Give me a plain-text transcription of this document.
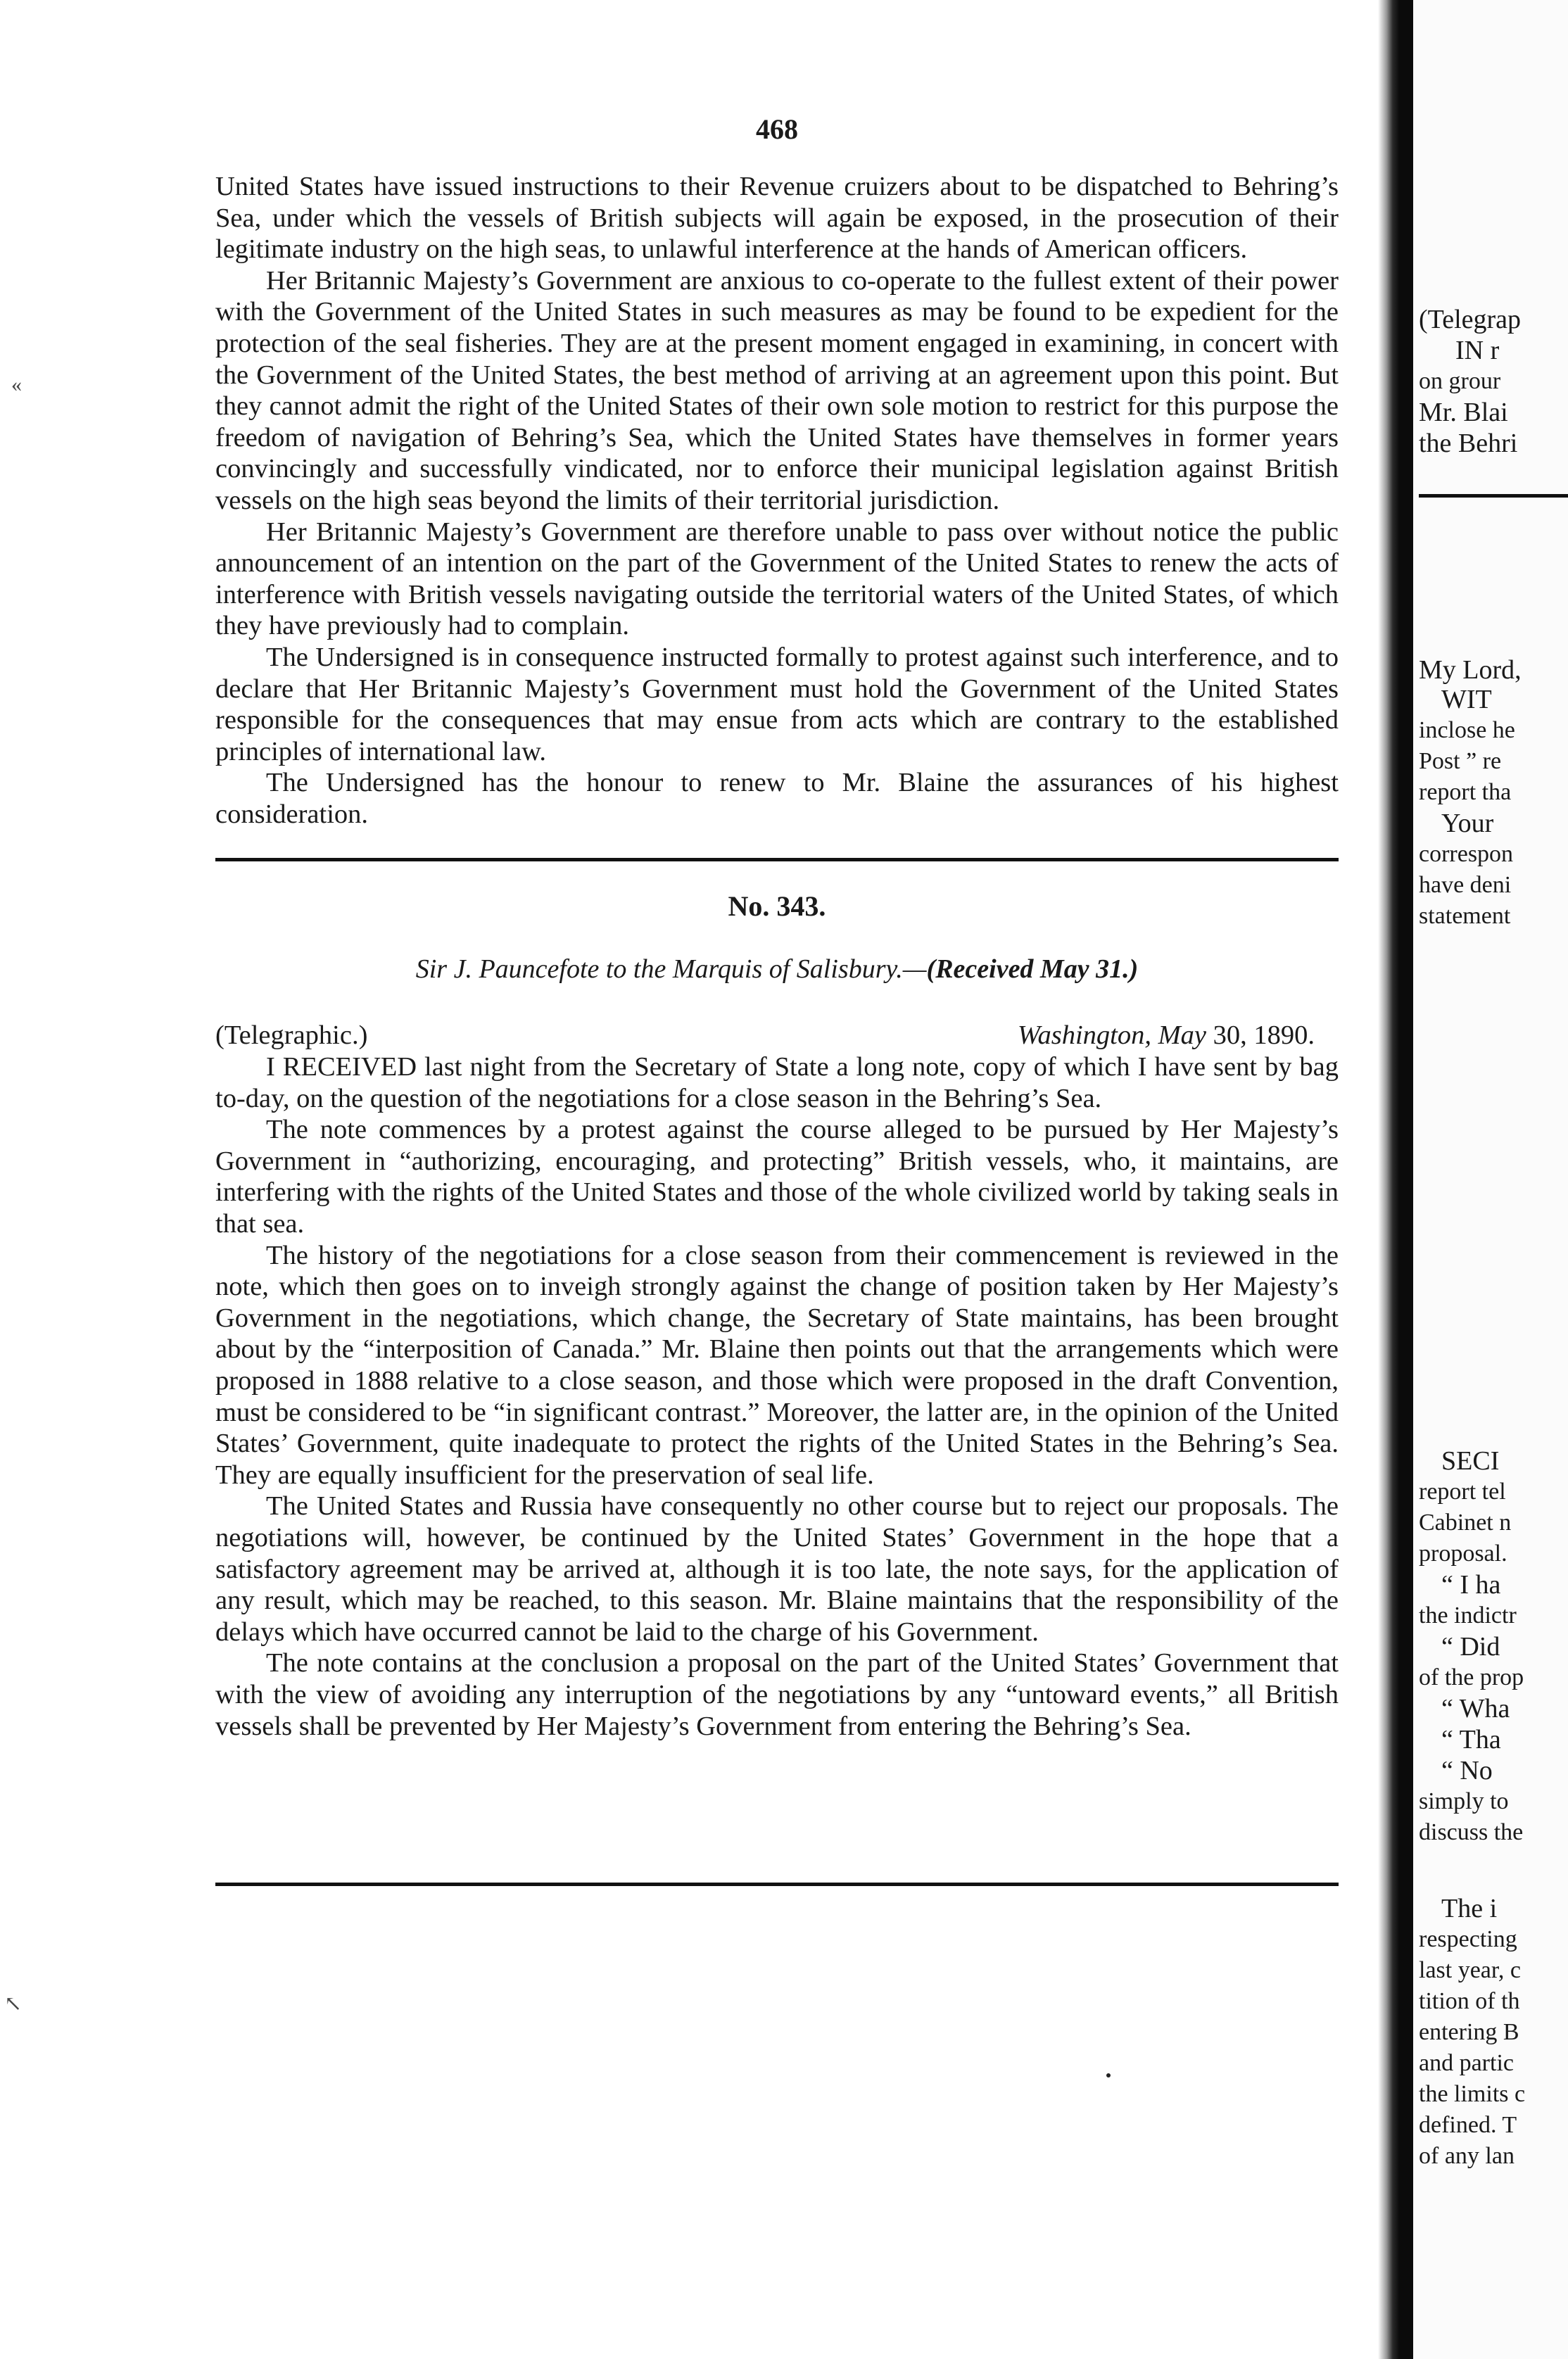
«
↖
468

United States have issued instructions to their Revenue cruizers about to be dispatched to Behring’s Sea, under which the vessels of British subjects will again be exposed, in the prosecution of their legitimate industry on the high seas, to unlawful interference at the hands of American officers.

Her Britannic Majesty’s Government are anxious to co-operate to the fullest extent of their power with the Government of the United States in such measures as may be found to be expedient for the protection of the seal fisheries. They are at the present moment engaged in examining, in concert with the Government of the United States, the best method of arriving at an agreement upon this point. But they cannot admit the right of the United States of their own sole motion to restrict for this purpose the freedom of navigation of Behring’s Sea, which the United States have themselves in former years convincingly and successfully vindicated, nor to enforce their municipal legislation against British vessels on the high seas beyond the limits of their territorial jurisdiction.

Her Britannic Majesty’s Government are therefore unable to pass over without notice the public announcement of an intention on the part of the Government of the United States to renew the acts of interference with British vessels navigating outside the territorial waters of the United States, of which they have previously had to complain.

The Undersigned is in consequence instructed formally to protest against such interference, and to declare that Her Britannic Majesty’s Government must hold the Government of the United States responsible for the consequences that may ensue from acts which are contrary to the established principles of international law.

The Undersigned has the honour to renew to Mr. Blaine the assurances of his highest consideration.

No. 343.
Sir J. Pauncefote to the Marquis of Salisbury.—(Received May 31.)
(Telegraphic.)	Washington, May 30, 1890.

I RECEIVED last night from the Secretary of State a long note, copy of which I have sent by bag to-day, on the question of the negotiations for a close season in the Behring’s Sea.

The note commences by a protest against the course alleged to be pursued by Her Majesty’s Government in “authorizing, encouraging, and protecting” British vessels, who, it maintains, are interfering with the rights of the United States and those of the whole civilized world by taking seals in that sea.

The history of the negotiations for a close season from their commencement is reviewed in the note, which then goes on to inveigh strongly against the change of position taken by Her Majesty’s Government in the negotiations, which change, the Secretary of State maintains, has been brought about by the “interposition of Canada.” Mr. Blaine then points out that the arrangements which were proposed in 1888 relative to a close season, and those which were proposed in the draft Convention, must be considered to be “in significant contrast.” Moreover, the latter are, in the opinion of the United States’ Government, quite inadequate to protect the rights of the United States in the Behring’s Sea. They are equally insufficient for the preservation of seal life.

The United States and Russia have consequently no other course but to reject our proposals. The negotiations will, however, be continued by the United States’ Government in the hope that a satisfactory agreement may be arrived at, although it is too late, the note says, for the application of any result, which may be reached, to this season. Mr. Blaine maintains that the responsibility of the delays which have occurred cannot be laid to the charge of his Government.

The note contains at the conclusion a proposal on the part of the United States’ Government that with the view of avoiding any interruption of the negotiations by any “untoward events,” all British vessels shall be prevented by Her Majesty’s Government from entering the Behring’s Sea.

(Telegrap
IN r
on grour
Mr. Blai
the Behri
My Lord,
WIT
inclose he
Post ” re
report tha
Your
correspon
have deni
statement
SECI
report tel
Cabinet n
proposal.
“ I ha
the indictr
“ Did
of the prop
“ Wha
“ Tha
“ No
simply to
discuss the
The i
respecting
last year, c
tition of th
entering B
and partic
the limits c
defined. T
of any lan
